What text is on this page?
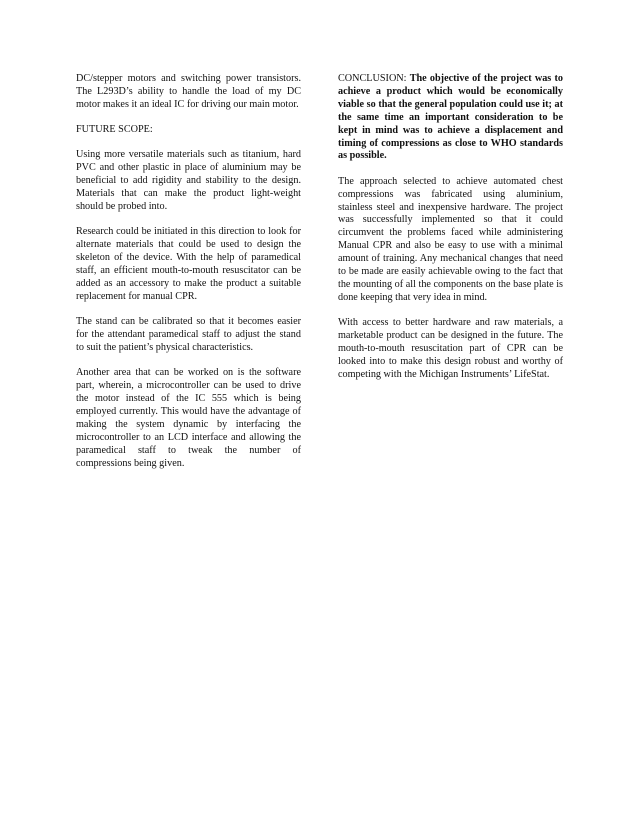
DC/stepper motors and switching power transistors. The L293D’s ability to handle the load of my DC motor makes it an ideal IC for driving our main motor.

FUTURE SCOPE:

Using more versatile materials such as titanium, hard PVC and other plastic in place of aluminium may be beneficial to add rigidity and stability to the design. Materials that can make the product light-weight should be probed into.

Research could be initiated in this direction to look for alternate materials that could be used to design the skeleton of the device. With the help of paramedical staff, an efficient mouth-to-mouth resuscitator can be added as an accessory to make the product a suitable replacement for manual CPR.

The stand can be calibrated so that it becomes easier for the attendant paramedical staff to adjust the stand to suit the patient’s physical characteristics.

Another area that can be worked on is the software part, wherein, a microcontroller can be used to drive the motor instead of the IC 555 which is being employed currently. This would have the advantage of making the system dynamic by interfacing the microcontroller to an LCD interface and allowing the paramedical staff to tweak the number of compressions being given.

CONCLUSION: The objective of the project was to achieve a product which would be economically viable so that the general population could use it; at the same time an important consideration to be kept in mind was to achieve a displacement and timing of compressions as close to WHO standards as possible.

The approach selected to achieve automated chest compressions was fabricated using aluminium, stainless steel and inexpensive hardware. The project was successfully implemented so that it could circumvent the problems faced while administering Manual CPR and also be easy to use with a minimal amount of training. Any mechanical changes that need to be made are easily achievable owing to the fact that the mounting of all the components on the base plate is done keeping that very idea in mind.

With access to better hardware and raw materials, a marketable product can be designed in the future. The mouth-to-mouth resuscitation part of CPR can be looked into to make this design robust and worthy of competing with the Michigan Instruments’ LifeStat.
